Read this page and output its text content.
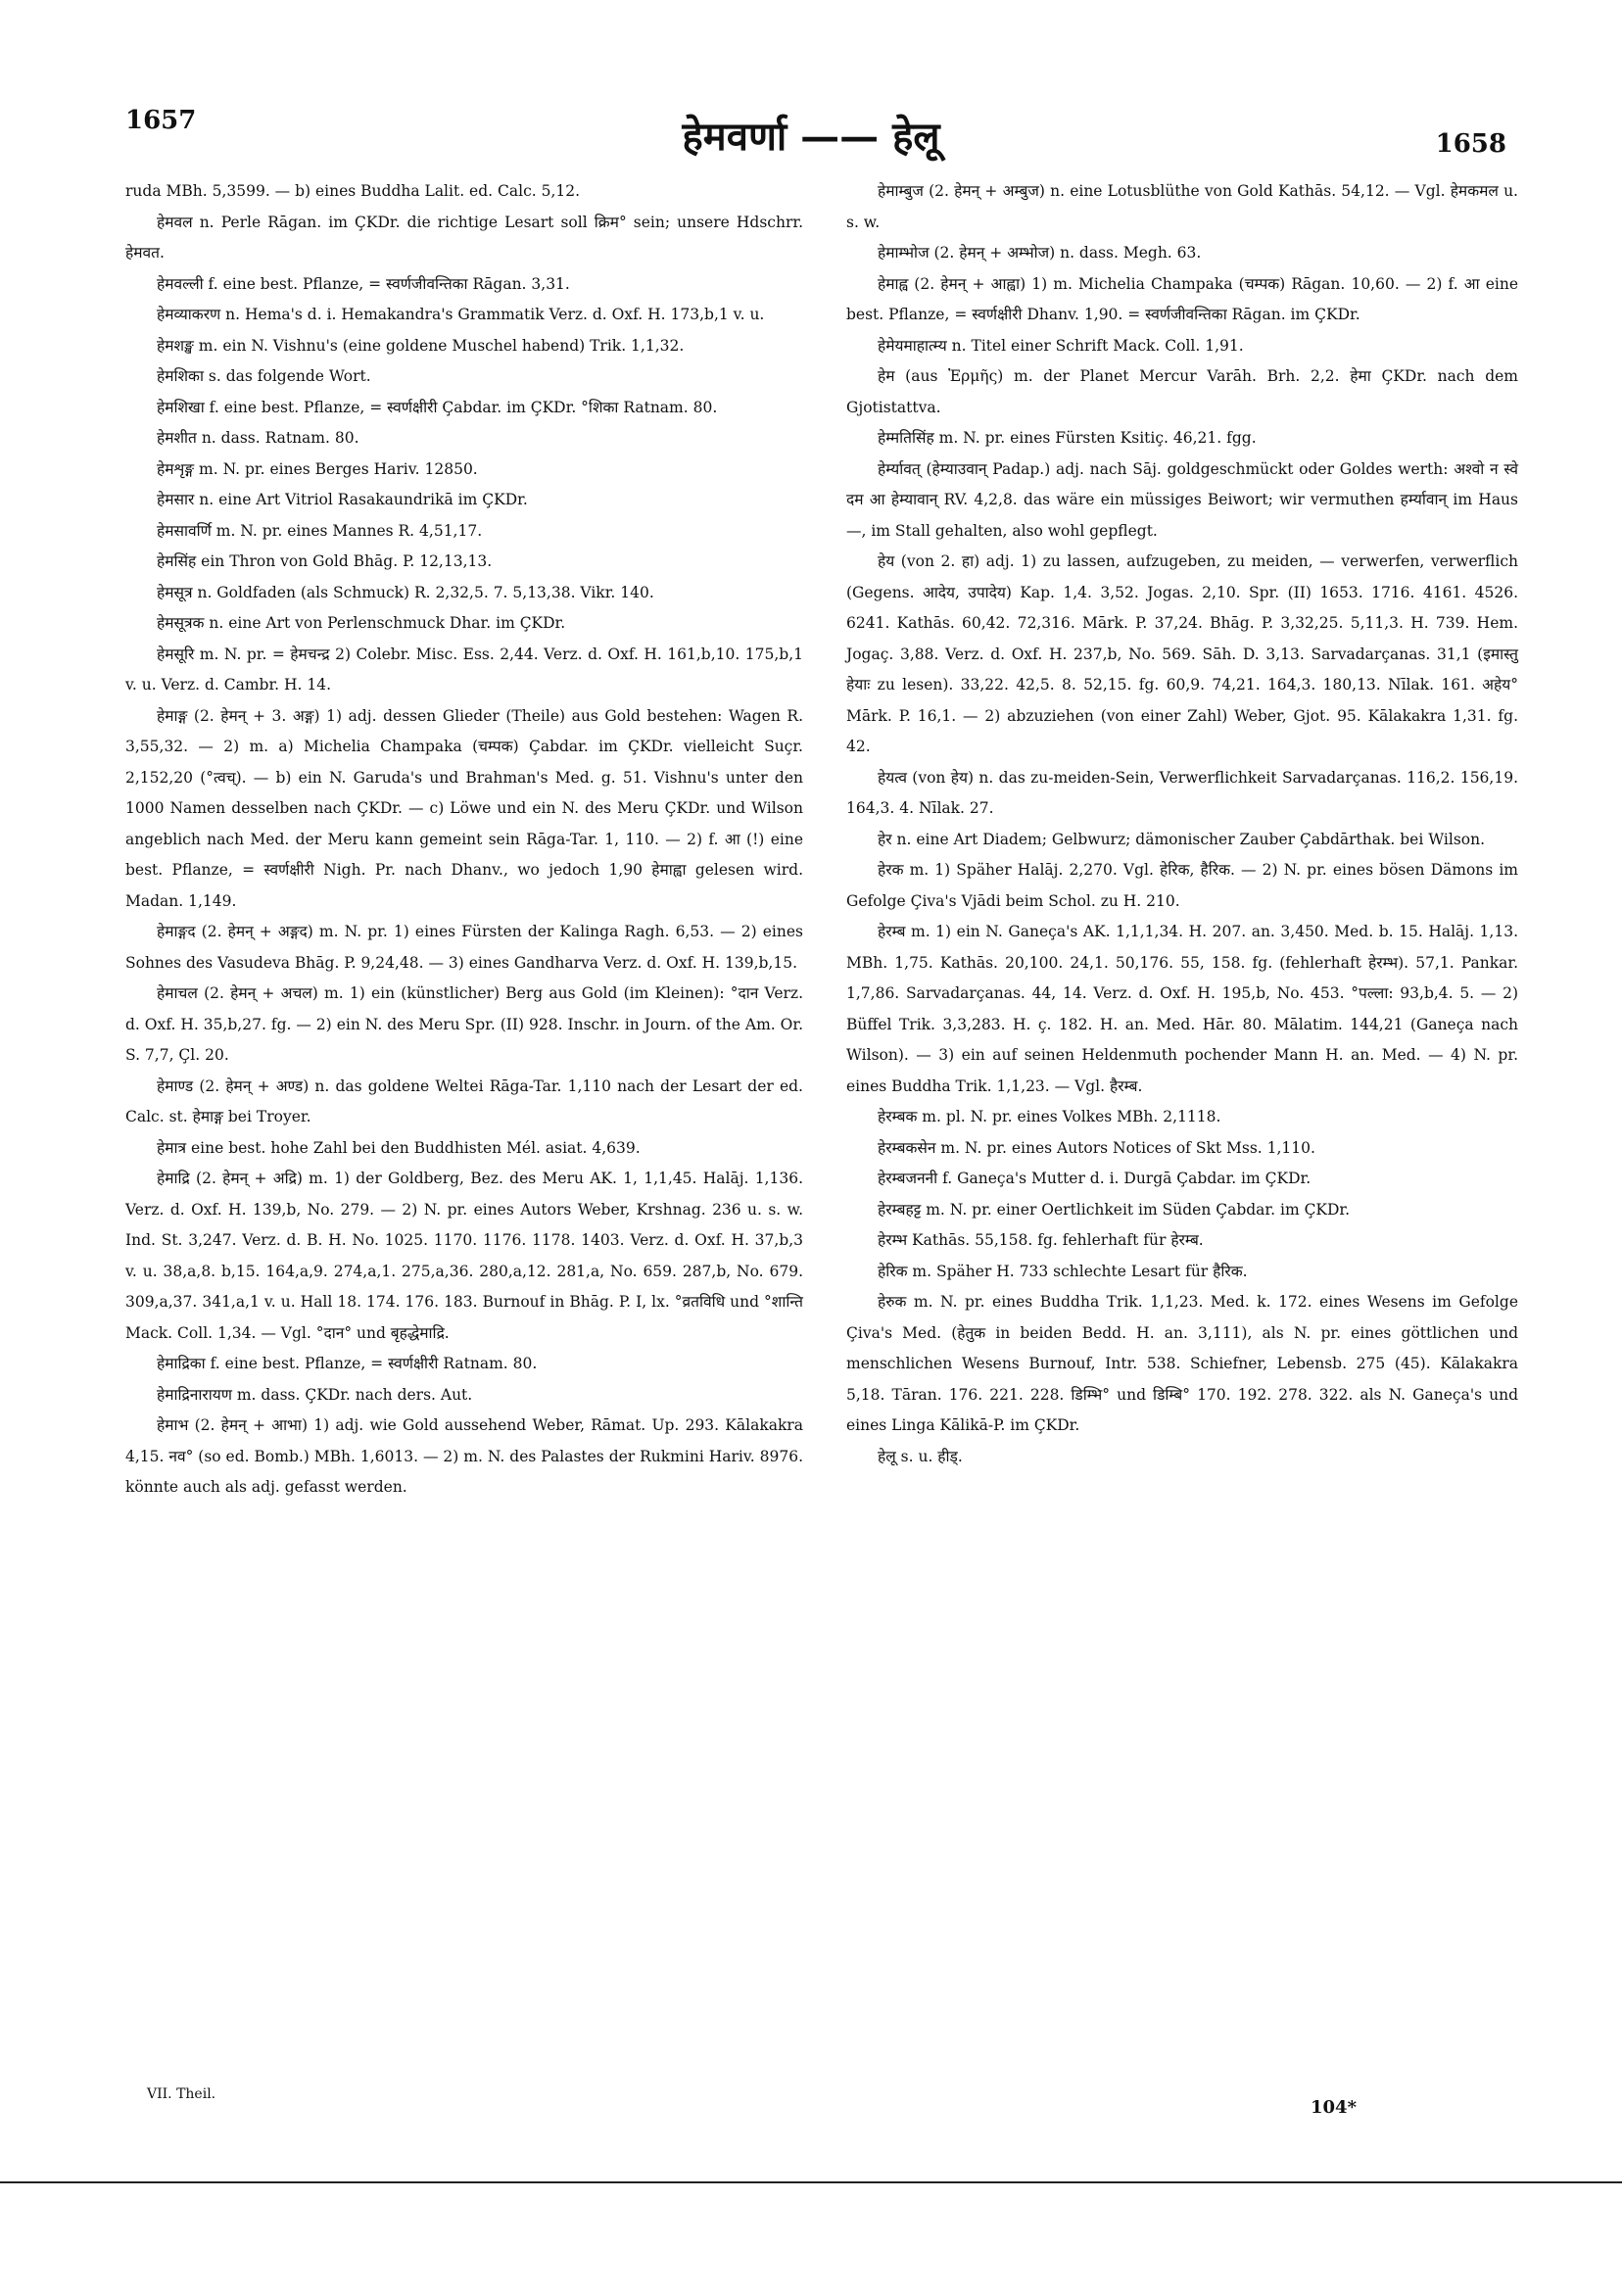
1657	हेमवर्णा —— हेलू	1658

ruda MBh. 5,3599. — b) eines Buddha Lalit. ed. Calc. 5,12.

हेमवल n. Perle Rāgan. im ÇKDr. die richtige Lesart soll क्रिम° sein; unsere Hdschrr. हेमवत.

हेमवल्ली f. eine best. Pflanze, = स्वर्णजीवन्तिका Rāgan. 3,31.

हेमव्याकरण n. Hema's d. i. Hemakandra's Grammatik Verz. d. Oxf. H. 173,b,1 v. u.

हेमशङ्ख m. ein N. Vishnu's (eine goldene Muschel habend) Trik. 1,1,32.

हेमशिका s. das folgende Wort.

हेमशिखा f. eine best. Pflanze, = स्वर्णक्षीरी Çabdar. im ÇKDr. °शिका Ratnam. 80.

हेमशीत n. dass. Ratnam. 80.

हेमशृङ्ग m. N. pr. eines Berges Hariv. 12850.

हेमसार n. eine Art Vitriol Rasakaundrikā im ÇKDr.

हेमसावर्णि m. N. pr. eines Mannes R. 4,51,17.

हेमसिंह ein Thron von Gold Bhāg. P. 12,13,13.

हेमसूत्र n. Goldfaden (als Schmuck) R. 2,32,5. 7. 5,13,38. Vikr. 140.

हेमसूत्रक n. eine Art von Perlenschmuck Dhar. im ÇKDr.

हेमसूरि m. N. pr. = हेमचन्द्र 2) Colebr. Misc. Ess. 2,44. Verz. d. Oxf. H. 161,b,10. 175,b,1 v. u. Verz. d. Cambr. H. 14.

हेमाङ्ग (2. हेमन् + 3. अङ्ग) 1) adj. dessen Glieder (Theile) aus Gold bestehen: Wagen R. 3,55,32. — 2) m. a) Michelia Champaka (चम्पक) Çabdar. im ÇKDr. vielleicht Suçr. 2,152,20 (°त्वच्). — b) ein N. Garuda's und Brahman's Med. g. 51. Vishnu's unter den 1000 Namen desselben nach ÇKDr. — c) Löwe und ein N. des Meru ÇKDr. und Wilson angeblich nach Med. der Meru kann gemeint sein Rāga-Tar. 1, 110. — 2) f. आ (!) eine best. Pflanze, = स्वर्णक्षीरी Nigh. Pr. nach Dhanv., wo jedoch 1,90 हेमाह्वा gelesen wird. Madan. 1,149.

हेमाङ्गद (2. हेमन् + अङ्गद) m. N. pr. 1) eines Fürsten der Kalinga Ragh. 6,53. — 2) eines Sohnes des Vasudeva Bhāg. P. 9,24,48. — 3) eines Gandharva Verz. d. Oxf. H. 139,b,15.

हेमाचल (2. हेमन् + अचल) m. 1) ein (künstlicher) Berg aus Gold (im Kleinen): °दान Verz. d. Oxf. H. 35,b,27. fg. — 2) ein N. des Meru Spr. (II) 928. Inschr. in Journ. of the Am. Or. S. 7,7, Çl. 20.

हेमाण्ड (2. हेमन् + अण्ड) n. das goldene Weltei Rāga-Tar. 1,110 nach der Lesart der ed. Calc. st. हेमाङ्ग bei Troyer.

हेमात्र eine best. hohe Zahl bei den Buddhisten Mél. asiat. 4,639.

हेमाद्रि (2. हेमन् + अद्रि) m. 1) der Goldberg, Bez. des Meru AK. 1, 1,1,45. Halāj. 1,136. Verz. d. Oxf. H. 139,b, No. 279. — 2) N. pr. eines Autors Weber, Krshnag. 236 u. s. w. Ind. St. 3,247. Verz. d. B. H. No. 1025. 1170. 1176. 1178. 1403. Verz. d. Oxf. H. 37,b,3 v. u. 38,a,8. b,15. 164,a,9. 274,a,1. 275,a,36. 280,a,12. 281,a, No. 659. 287,b, No. 679. 309,a,37. 341,a,1 v. u. Hall 18. 174. 176. 183. Burnouf in Bhāg. P. I, lx. °व्रतविधि und °शान्ति Mack. Coll. 1,34. — Vgl. °दान° und बृहद्धेमाद्रि.

हेमाद्रिका f. eine best. Pflanze, = स्वर्णक्षीरी Ratnam. 80.

हेमाद्रिनारायण m. dass. ÇKDr. nach ders. Aut.

हेमाभ (2. हेमन् + आभा) 1) adj. wie Gold aussehend Weber, Rāmat. Up. 293. Kālakakra 4,15. नव° (so ed. Bomb.) MBh. 1,6013. — 2) m. N. des Palastes der Rukmini Hariv. 8976. könnte auch als adj. gefasst werden.

हेमाम्बुज (2. हेमन् + अम्बुज) n. eine Lotusblüthe von Gold Kathās. 54,12. — Vgl. हेमकमल u. s. w.

हेमाम्भोज (2. हेमन् + अम्भोज) n. dass. Megh. 63.

हेमाह्व (2. हेमन् + आह्वा) 1) m. Michelia Champaka (चम्पक) Rāgan. 10,60. — 2) f. आ eine best. Pflanze, = स्वर्णक्षीरी Dhanv. 1,90. = स्वर्णजीवन्तिका Rāgan. im ÇKDr.

हेमेयमाहात्म्य n. Titel einer Schrift Mack. Coll. 1,91.

हेम (aus Ἑρμῆς) m. der Planet Mercur Varāh. Brh. 2,2. हेमा ÇKDr. nach dem Gjotistattva.

हेम्मतिसिंह m. N. pr. eines Fürsten Ksitiç. 46,21. fgg.

हेर्म्यावत् (हेम्याउवान् Padap.) adj. nach Sāj. goldgeschmückt oder Goldes werth: अश्वो न स्वे दम आ हेम्यावान् RV. 4,2,8. das wäre ein müssiges Beiwort; wir vermuthen हर्म्यावान् im Haus —, im Stall gehalten, also wohl gepflegt.

हेय (von 2. हा) adj. 1) zu lassen, aufzugeben, zu meiden, — verwerfen, verwerflich (Gegens. आदेय, उपादेय) Kap. 1,4. 3,52. Jogas. 2,10. Spr. (II) 1653. 1716. 4161. 4526. 6241. Kathās. 60,42. 72,316. Mārk. P. 37,24. Bhāg. P. 3,32,25. 5,11,3. H. 739. Hem. Jogaç. 3,88. Verz. d. Oxf. H. 237,b, No. 569. Sāh. D. 3,13. Sarvadarçanas. 31,1 (इमास्तु हेयाः zu lesen). 33,22. 42,5. 8. 52,15. fg. 60,9. 74,21. 164,3. 180,13. Nīlak. 161. अहेय° Mārk. P. 16,1. — 2) abzuziehen (von einer Zahl) Weber, Gjot. 95. Kālakakra 1,31. fg. 42.

हेयत्व (von हेय) n. das zu-meiden-Sein, Verwerflichkeit Sarvadarçanas. 116,2. 156,19. 164,3. 4. Nīlak. 27.

हेर n. eine Art Diadem; Gelbwurz; dämonischer Zauber Çabdārthak. bei Wilson.

हेरक m. 1) Späher Halāj. 2,270. Vgl. हेरिक, हैरिक. — 2) N. pr. eines bösen Dämons im Gefolge Çiva's Vjādi beim Schol. zu H. 210.

हेरम्ब m. 1) ein N. Ganeça's AK. 1,1,1,34. H. 207. an. 3,450. Med. b. 15. Halāj. 1,13. MBh. 1,75. Kathās. 20,100. 24,1. 50,176. 55, 158. fg. (fehlerhaft हेरम्भ). 57,1. Pankar. 1,7,86. Sarvadarçanas. 44, 14. Verz. d. Oxf. H. 195,b, No. 453. °पल्ला: 93,b,4. 5. — 2) Büffel Trik. 3,3,283. H. ç. 182. H. an. Med. Hār. 80. Mālatim. 144,21 (Ganeça nach Wilson). — 3) ein auf seinen Heldenmuth pochender Mann H. an. Med. — 4) N. pr. eines Buddha Trik. 1,1,23. — Vgl. हैरम्ब.

हेरम्बक m. pl. N. pr. eines Volkes MBh. 2,1118.

हेरम्बकसेन m. N. pr. eines Autors Notices of Skt Mss. 1,110.

हेरम्बजननी f. Ganeça's Mutter d. i. Durgā Çabdar. im ÇKDr.

हेरम्बहट्ट m. N. pr. einer Oertlichkeit im Süden Çabdar. im ÇKDr.

हेरम्भ Kathās. 55,158. fg. fehlerhaft für हेरम्ब.

हेरिक m. Späher H. 733 schlechte Lesart für हैरिक.

हेरुक m. N. pr. eines Buddha Trik. 1,1,23. Med. k. 172. eines Wesens im Gefolge Çiva's Med. (हेतुक in beiden Bedd. H. an. 3,111), als N. pr. eines göttlichen und menschlichen Wesens Burnouf, Intr. 538. Schiefner, Lebensb. 275 (45). Kālakakra 5,18. Tāran. 176. 221. 228. डिम्भि° und डिम्बि° 170. 192. 278. 322. als N. Ganeça's und eines Linga Kālikā-P. im ÇKDr.

हेलू s. u. हीड्.

VII. Theil.
104*
